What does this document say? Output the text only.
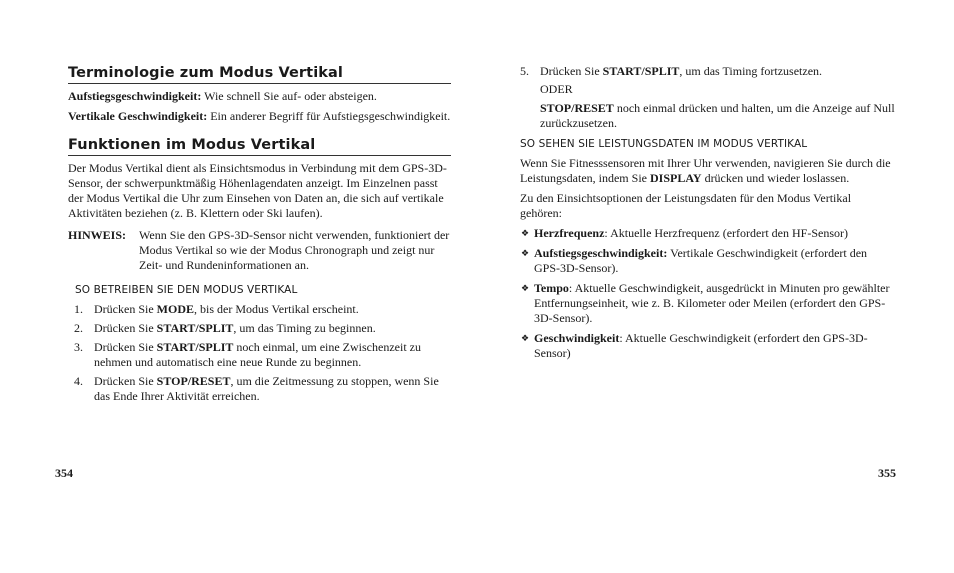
Terminologie zum Modus Vertikal

Aufstiegsgeschwindigkeit: Wie schnell Sie auf- oder absteigen.

Vertikale Geschwindigkeit: Ein anderer Begriff für Aufstiegsgeschwindigkeit.

Funktionen im Modus Vertikal

Der Modus Vertikal dient als Einsichtsmodus in Verbindung mit dem GPS-3D-Sensor, der schwerpunktmäßig Höhenlagendaten anzeigt. Im Einzelnen passt der Modus Vertikal die Uhr zum Einsehen von Daten an, die sich auf vertikale Aktivitäten beziehen (z. B. Klettern oder Ski laufen).

HINWEIS:	Wenn Sie den GPS-3D-Sensor nicht verwenden, funktioniert der Modus Vertikal so wie der Modus Chronograph und zeigt nur Zeit- und Rundeninformationen an.
SO BETREIBEN SIE DEN MODUS VERTIKAL
1. Drücken Sie MODE, bis der Modus Vertikal erscheint.
2. Drücken Sie START/SPLIT, um das Timing zu beginnen.
3. Drücken Sie START/SPLIT noch einmal, um eine Zwischenzeit zu nehmen und automatisch eine neue Runde zu beginnen.
4. Drücken Sie STOP/RESET, um die Zeitmessung zu stoppen, wenn Sie das Ende Ihrer Aktivität erreichen.
354
5. Drücken Sie START/SPLIT, um das Timing fortzusetzen.
ODER
STOP/RESET noch einmal drücken und halten, um die Anzeige auf Null zurückzusetzen.
SO SEHEN SIE LEISTUNGSDATEN IM MODUS VERTIKAL

Wenn Sie Fitnesssensoren mit Ihrer Uhr verwenden, navigieren Sie durch die Leistungsdaten, indem Sie DISPLAY drücken und wieder loslassen.

Zu den Einsichtsoptionen der Leistungsdaten für den Modus Vertikal gehören:

❖ Herzfrequenz: Aktuelle Herzfrequenz (erfordert den HF-Sensor)
❖ Aufstiegsgeschwindigkeit: Vertikale Geschwindigkeit (erfordert den GPS-3D-Sensor).
❖ Tempo: Aktuelle Geschwindigkeit, ausgedrückt in Minuten pro gewählter Entfernungseinheit, wie z. B. Kilometer oder Meilen (erfordert den GPS-3D-Sensor).
❖ Geschwindigkeit: Aktuelle Geschwindigkeit (erfordert den GPS-3D-Sensor)
355
